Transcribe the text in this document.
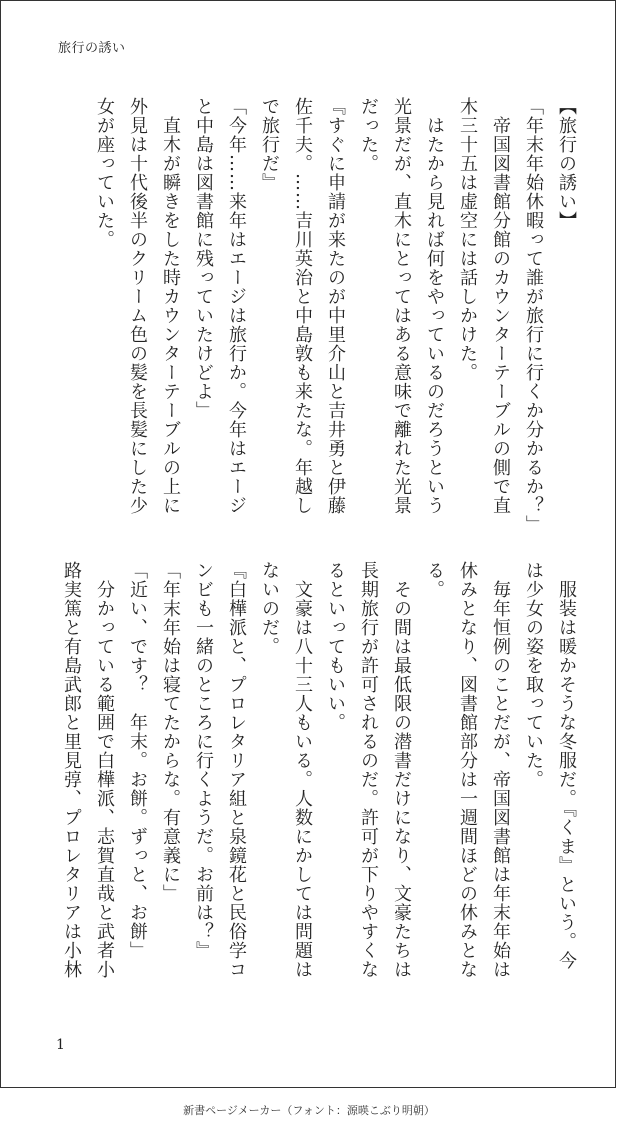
旅行の誘い

【旅行の誘い】

「年末年始休暇って誰が旅行に行くか分かるか？」

　帝国図書館分館のカウンターテーブルの側で直

木三十五は虚空には話しかけた。

　はたから見れば何をやっているのだろうという

光景だが、直木にとってはある意味で離れた光景

だった。

『すぐに申請が来たのが中里介山と吉井勇と伊藤

佐千夫。……吉川英治と中島敦も来たな。年越し

で旅行だ』

「今年……来年はエージは旅行か。今年はエージ

と中島は図書館に残っていたけどよ」

　直木が瞬きをした時カウンターテーブルの上に

外見は十代後半のクリーム色の髪を長髪にした少

女が座っていた。

　服装は暖かそうな冬服だ。『くま』という。今

は少女の姿を取っていた。

　毎年恒例のことだが、帝国図書館は年末年始は

休みとなり、図書館部分は一週間ほどの休みとな

る。

　その間は最低限の潜書だけになり、文豪たちは

長期旅行が許可されるのだ。許可が下りやすくな

るといってもいい。

　文豪は八十三人もいる。人数にかしては問題は

ないのだ。

『白樺派と、プロレタリア組と泉鏡花と民俗学コ

ンビも一緒のところに行くようだ。お前は？』

「年末年始は寝てたからな。有意義に」

「近い、です？　年末。お餅。ずっと、お餅」

　分かっている範囲で白樺派、志賀直哉と武者小

路実篤と有島武郎と里見弴、プロレタリアは小林

1
新書ページメーカー（フォント：源暎こぶり明朝）
